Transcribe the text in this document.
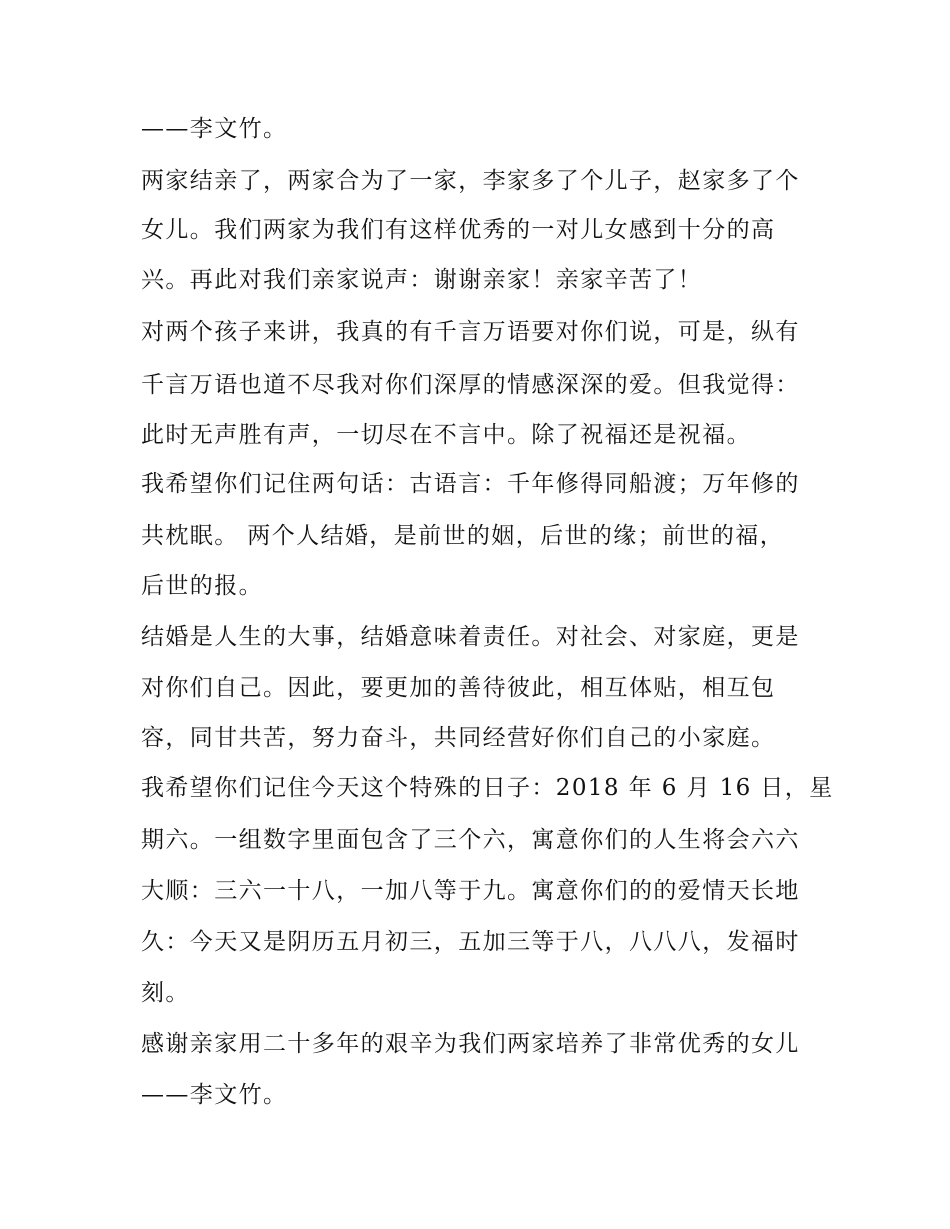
——李文竹。
两家结亲了，两家合为了一家，李家多了个儿子，赵家多了个
女儿。我们两家为我们有这样优秀的一对儿女感到十分的高
兴。再此对我们亲家说声：谢谢亲家！亲家辛苦了！
对两个孩子来讲，我真的有千言万语要对你们说，可是，纵有
千言万语也道不尽我对你们深厚的情感深深的爱。但我觉得：
此时无声胜有声，一切尽在不言中。除了祝福还是祝福。
我希望你们记住两句话：古语言：千年修得同船渡；万年修的
共枕眠。 两个人结婚，是前世的姻，后世的缘；前世的福，
后世的报。
结婚是人生的大事，结婚意味着责任。对社会、对家庭，更是
对你们自己。因此，要更加的善待彼此，相互体贴，相互包
容，同甘共苦，努力奋斗，共同经营好你们自己的小家庭。
我希望你们记住今天这个特殊的日子：2018 年 6 月 16 日，星
期六。一组数字里面包含了三个六，寓意你们的人生将会六六
大顺：三六一十八，一加八等于九。寓意你们的的爱情天长地
久：今天又是阴历五月初三，五加三等于八，八八八，发福时
刻。
感谢亲家用二十多年的艰辛为我们两家培养了非常优秀的女儿
——李文竹。
